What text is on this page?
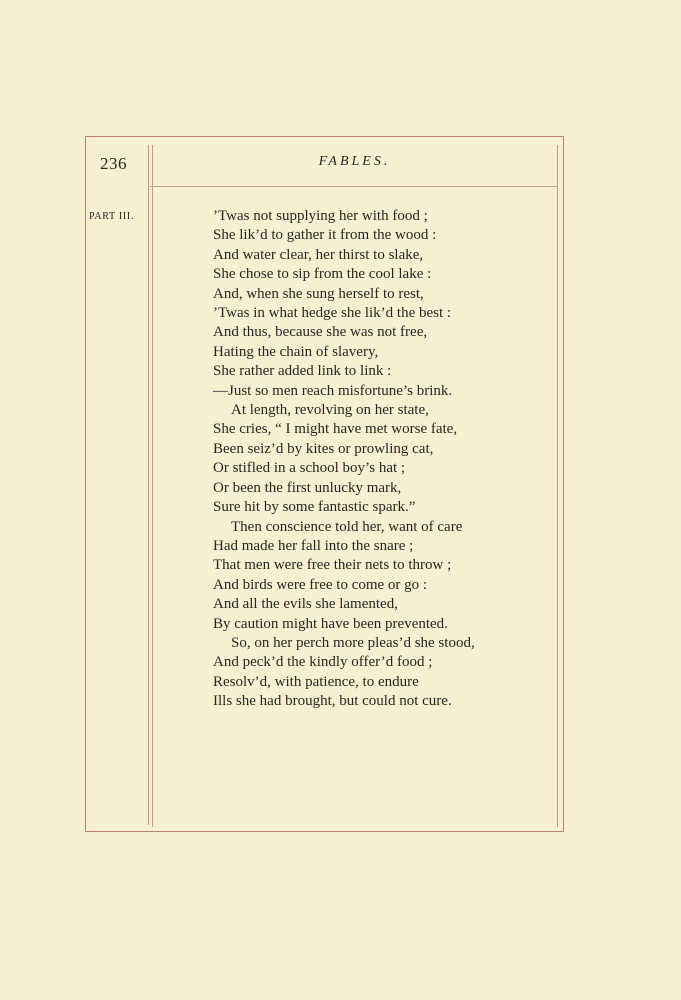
236	FABLES.
PART III.	’Twas not supplying her with food ;
She lik’d to gather it from the wood :
And water clear, her thirst to slake,
She chose to sip from the cool lake :
And, when she sung herself to rest,
’Twas in what hedge she lik’d the best :
And thus, because she was not free,
Hating the chain of slavery,
She rather added link to link :
—Just so men reach misfortune’s brink.
At length, revolving on her state,
She cries, “ I might have met worse fate,
Been seiz’d by kites or prowling cat,
Or stifled in a school boy’s hat ;
Or been the first unlucky mark,
Sure hit by some fantastic spark.”
Then conscience told her, want of care
Had made her fall into the snare ;
That men were free their nets to throw ;
And birds were free to come or go :
And all the evils she lamented,
By caution might have been prevented.
So, on her perch more pleas’d she stood,
And peck’d the kindly offer’d food ;
Resolv’d, with patience, to endure
Ills she had brought, but could not cure.
